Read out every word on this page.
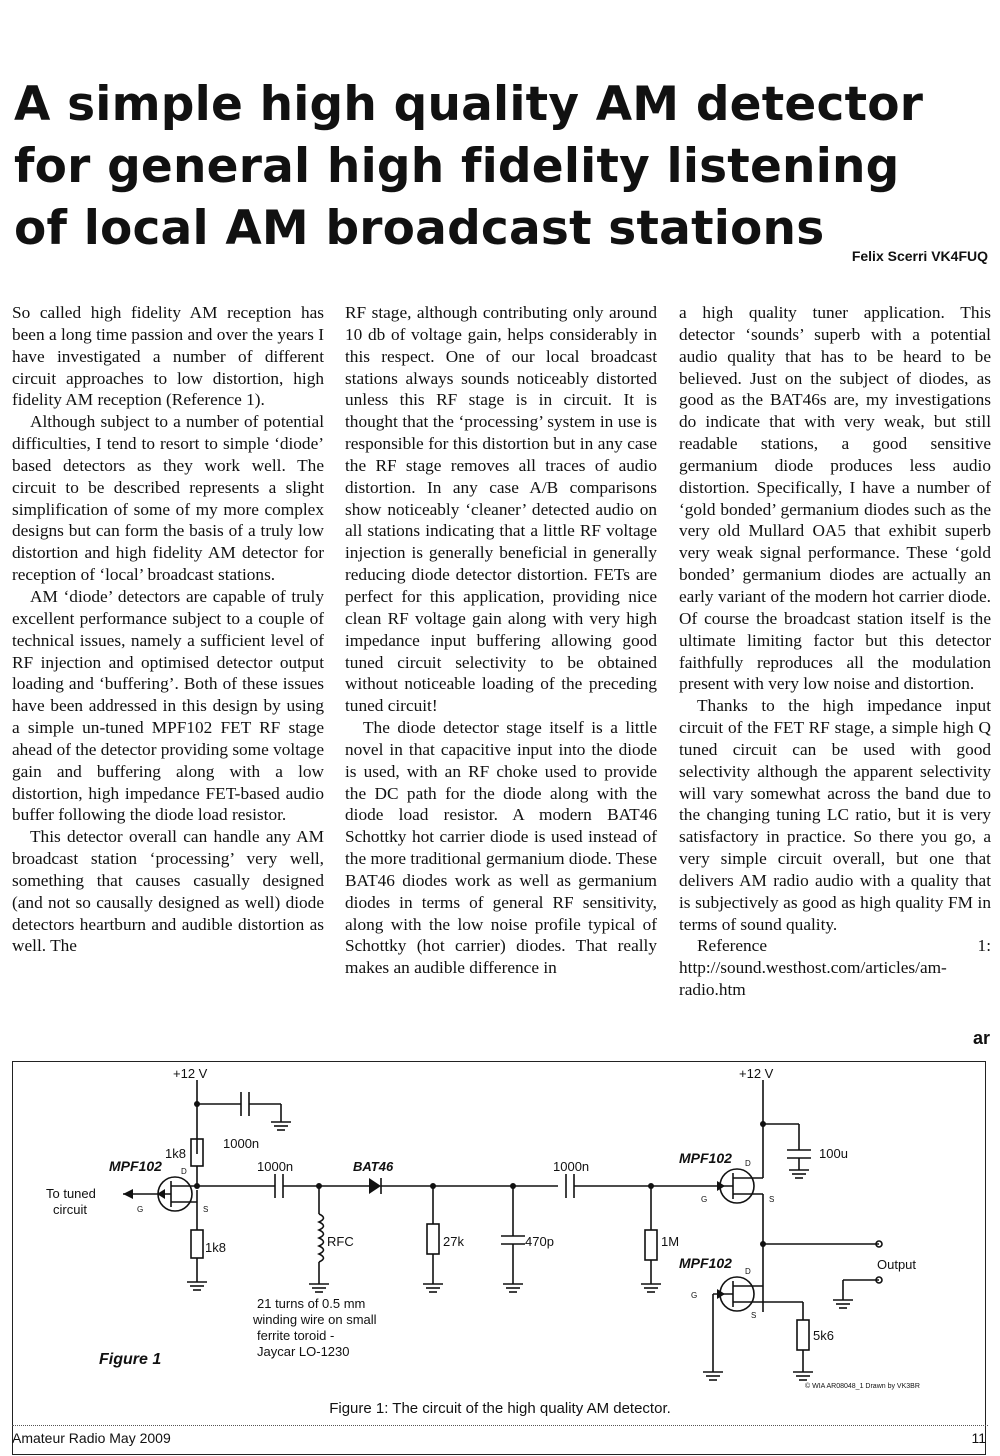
A simple high quality AM detector
for general high fidelity listening
of local AM broadcast stations	Felix Scerri VK4FUQ

So called high fidelity AM reception has been a long time passion and over the years I have investigated a number of different circuit approaches to low distortion, high fidelity AM reception (Reference 1).

Although subject to a number of potential difficulties, I tend to resort to simple ‘diode’ based detectors as they work well. The circuit to be described represents a slight simplification of some of my more complex designs but can form the basis of a truly low distortion and high fidelity AM detector for reception of ‘local’ broadcast stations.

AM ‘diode’ detectors are capable of truly excellent performance subject to a couple of technical issues, namely a sufficient level of RF injection and optimised detector output loading and ‘buffering’. Both of these issues have been addressed in this design by using a simple un-tuned MPF102 FET RF stage ahead of the detector providing some voltage gain and buffering along with a low distortion, high impedance FET-based audio buffer following the diode load resistor.

This detector overall can handle any AM broadcast station ‘processing’ very well, something that causes casually designed (and not so causally designed as well) diode detectors heartburn and audible distortion as well. The

RF stage, although contributing only around 10 db of voltage gain, helps considerably in this respect. One of our local broadcast stations always sounds noticeably distorted unless this RF stage is in circuit. It is thought that the ‘processing’ system in use is responsible for this distortion but in any case the RF stage removes all traces of audio distortion. In any case A/B comparisons show noticeably ‘cleaner’ detected audio on all stations indicating that a little RF voltage injection is generally beneficial in generally reducing diode detector distortion. FETs are perfect for this application, providing nice clean RF voltage gain along with very high impedance input buffering allowing good tuned circuit selectivity to be obtained without noticeable loading of the preceding tuned circuit!

The diode detector stage itself is a little novel in that capacitive input into the diode is used, with an RF choke used to provide the DC path for the diode along with the diode load resistor. A modern BAT46 Schottky hot carrier diode is used instead of the more traditional germanium diode. These BAT46 diodes work as well as germanium diodes in terms of general RF sensitivity, along with the low noise profile typical of Schottky (hot carrier) diodes. That really makes an audible difference in

a high quality tuner application. This detector ‘sounds’ superb with a potential audio quality that has to be heard to be believed. Just on the subject of diodes, as good as the BAT46s are, my investigations do indicate that with very weak, but still readable stations, a good sensitive germanium diode produces less audio distortion. Specifically, I have a number of ‘gold bonded’ germanium diodes such as the very old Mullard OA5 that exhibit superb very weak signal performance. These ‘gold bonded’ germanium diodes are actually an early variant of the modern hot carrier diode. Of course the broadcast station itself is the ultimate limiting factor but this detector faithfully reproduces all the modulation present with very low noise and distortion.

Thanks to the high impedance input circuit of the FET RF stage, a simple high Q tuned circuit can be used with good selectivity although the apparent selectivity will vary somewhat across the band due to the changing tuning LC ratio, but it is very satisfactory in practice. So there you go, a very simple circuit overall, but one that delivers AM radio audio with a quality that is subjectively as good as high quality FM in terms of sound quality.

Reference 1: http://sound.westhost.com/articles/am-radio.htm

ar
+12 V	+12 V
1k8
MPF102 D
G	S
To tuned
circuit
1000n
1k8
1000n	BAT46
RFC	27k	470p
1000n
1M
100u
MPF102 D
G	S
Output
MPF102
D
G
S
5k6
21 turns of 0.5 mm
winding wire on small
ferrite toroid -
Jaycar LO-1230
Figure 1
© WIA AR08048_1 Drawn by VK3BR
Figure 1: The circuit of the high quality AM detector.
Amateur Radio May 2009	11
